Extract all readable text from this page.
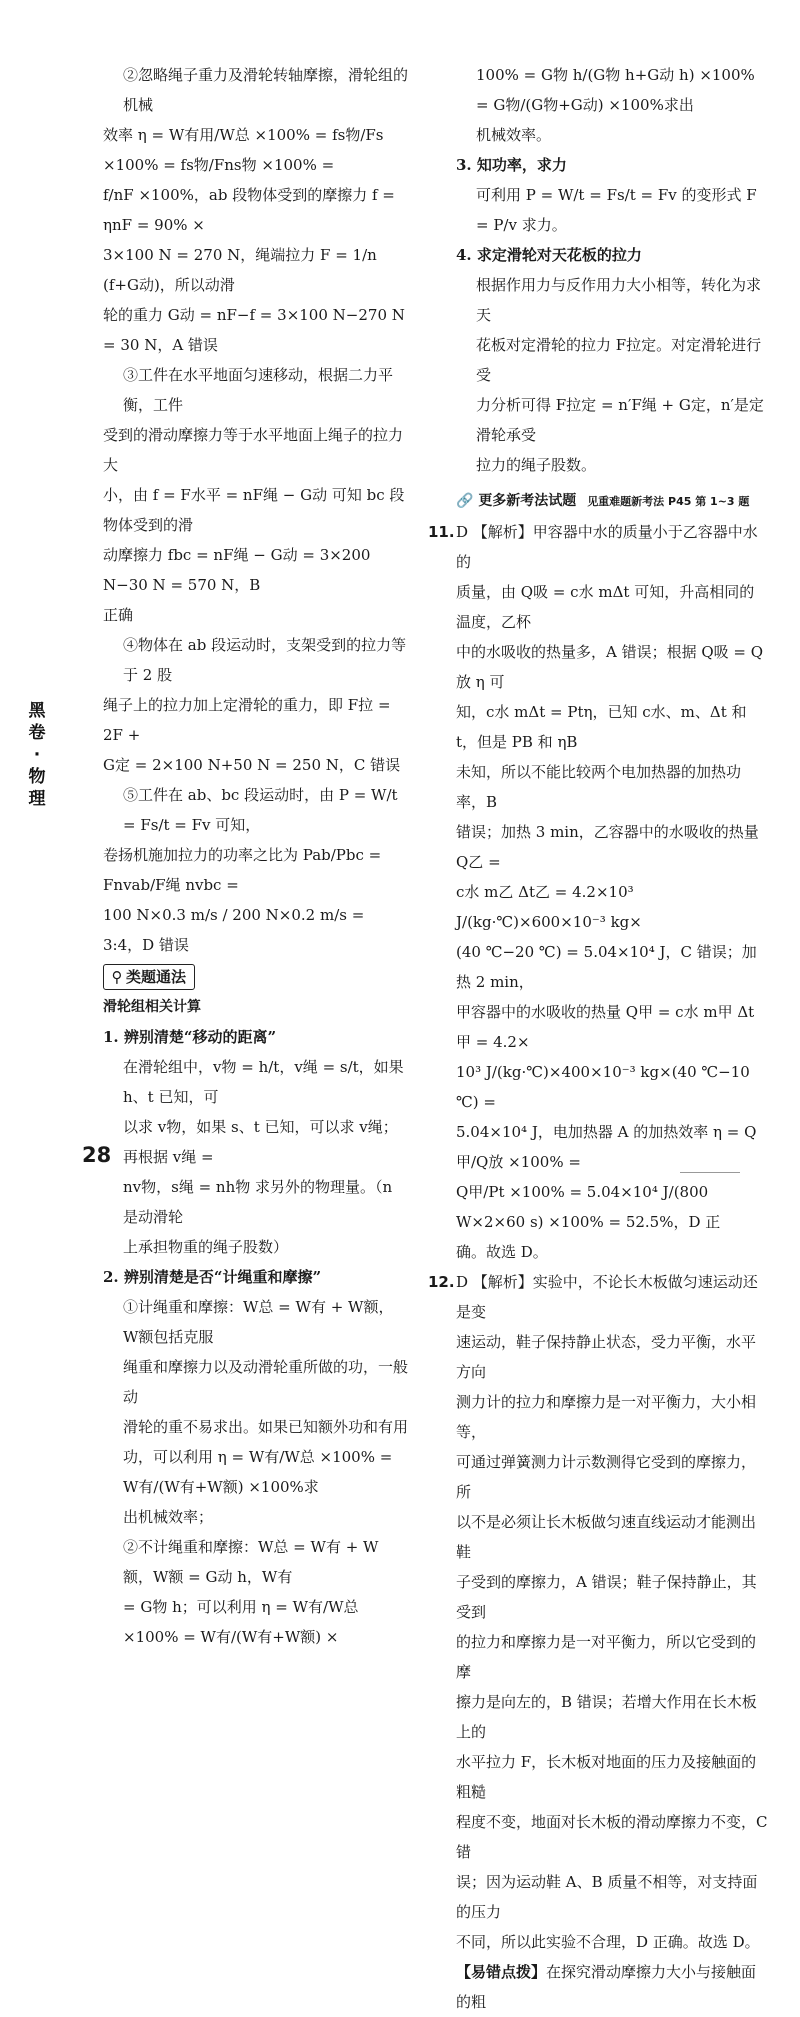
②忽略绳子重力及滑轮转轴摩擦，滑轮组的机械

效率 η = W有用/W总 ×100% = fs物/Fs ×100% = fs物/Fns物 ×100% =

f/nF ×100%，ab 段物体受到的摩擦力 f = ηnF = 90% ×

3×100 N = 270 N，绳端拉力 F = 1/n (f+G动)，所以动滑

轮的重力 G动 = nF−f = 3×100 N−270 N = 30 N，A 错误

③工件在水平地面匀速移动，根据二力平衡，工件

受到的滑动摩擦力等于水平地面上绳子的拉力大

小，由 f = F水平 = nF绳 − G动 可知 bc 段物体受到的滑

动摩擦力 fbc = nF绳 − G动 = 3×200 N−30 N = 570 N，B

正确

④物体在 ab 段运动时，支架受到的拉力等于 2 股

绳子上的拉力加上定滑轮的重力，即 F拉 = 2F +

G定 = 2×100 N+50 N = 250 N，C 错误

⑤工件在 ab、bc 段运动时，由 P = W/t = Fs/t = Fv 可知，

卷扬机施加拉力的功率之比为 Pab/Pbc = Fnvab/F绳 nvbc =

100 N×0.3 m/s / 200 N×0.2 m/s = 3:4，D 错误

⚲ 类题通法

滑轮组相关计算

1. 辨别清楚“移动的距离”

在滑轮组中，v物 = h/t，v绳 = s/t，如果 h、t 已知，可

以求 v物，如果 s、t 已知，可以求 v绳；再根据 v绳 =

nv物，s绳 = nh物 求另外的物理量。（n 是动滑轮

上承担物重的绳子股数）

2. 辨别清楚是否“计绳重和摩擦”

①计绳重和摩擦：W总 = W有 + W额，W额包括克服

绳重和摩擦力以及动滑轮重所做的功，一般动

滑轮的重不易求出。如果已知额外功和有用

功，可以利用 η = W有/W总 ×100% = W有/(W有+W额) ×100%求

出机械效率；

②不计绳重和摩擦：W总 = W有 + W额，W额 = G动 h，W有

= G物 h；可以利用 η = W有/W总 ×100% = W有/(W有+W额) ×

100% = G物 h/(G物 h+G动 h) ×100% = G物/(G物+G动) ×100%求出

机械效率。

3. 知功率，求力

可利用 P = W/t = Fs/t = Fv 的变形式 F = P/v 求力。

4. 求定滑轮对天花板的拉力

根据作用力与反作用力大小相等，转化为求天

花板对定滑轮的拉力 F拉定。对定滑轮进行受

力分析可得 F拉定 = n′F绳 + G定，n′是定滑轮承受

拉力的绳子股数。

🔗 更多新考法试题 见重难题新考法 P45 第 1~3 题

11.D 【解析】甲容器中水的质量小于乙容器中水的

质量，由 Q吸 = c水 mΔt 可知，升高相同的温度，乙杯

中的水吸收的热量多，A 错误；根据 Q吸 = Q放 η 可

知，c水 mΔt = Ptη，已知 c水、m、Δt 和 t，但是 PB 和 ηB

未知，所以不能比较两个电加热器的加热功率，B

错误；加热 3 min，乙容器中的水吸收的热量 Q乙 =

c水 m乙 Δt乙 = 4.2×10³ J/(kg·℃)×600×10⁻³ kg×

(40 ℃−20 ℃) = 5.04×10⁴ J，C 错误；加热 2 min，

甲容器中的水吸收的热量 Q甲 = c水 m甲 Δt甲 = 4.2×

10³ J/(kg·℃)×400×10⁻³ kg×(40 ℃−10 ℃) =

5.04×10⁴ J，电加热器 A 的加热效率 η = Q甲/Q放 ×100% =

Q甲/Pt ×100% = 5.04×10⁴ J/(800 W×2×60 s) ×100% = 52.5%，D 正

确。故选 D。

12.D 【解析】实验中，不论长木板做匀速运动还是变

速运动，鞋子保持静止状态，受力平衡，水平方向

测力计的拉力和摩擦力是一对平衡力，大小相等，

可通过弹簧测力计示数测得它受到的摩擦力，所

以不是必须让长木板做匀速直线运动才能测出鞋

子受到的摩擦力，A 错误；鞋子保持静止，其受到

的拉力和摩擦力是一对平衡力，所以它受到的摩

擦力是向左的，B 错误；若增大作用在长木板上的

水平拉力 F，长木板对地面的压力及接触面的粗糙

程度不变，地面对长木板的滑动摩擦力不变，C 错

误；因为运动鞋 A、B 质量不相等，对支持面的压力

不同，所以此实验不合理，D 正确。故选 D。

【易错点拨】在探究滑动摩擦力大小与接触面的粗

黑卷·物理
28
